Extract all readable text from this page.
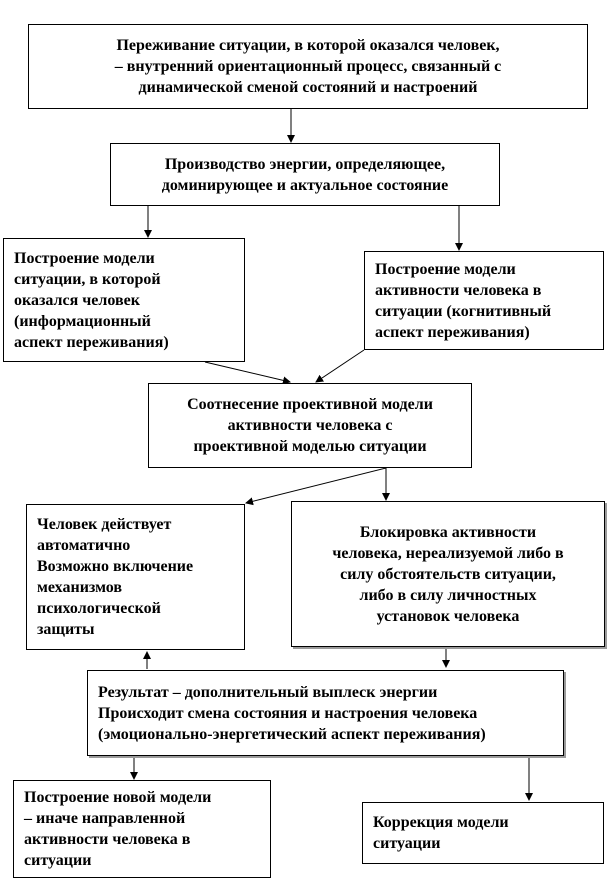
Переживание ситуации, в которой оказался человек,
– внутренний ориентационный процесс, связанный с
динамической сменой состояний и настроений
Производство энергии, определяющее,
доминирующее и актуальное состояние
Построение модели
ситуации, в которой
оказался человек
(информационный
аспект переживания)
Построение модели
активности человека в
ситуации (когнитивный
аспект переживания)
Соотнесение проективной модели
активности человека с
проективной моделью ситуации
Человек действует
автоматично
Возможно включение
механизмов
психологической
защиты
Блокировка активности
человека, нереализуемой либо в
силу обстоятельств ситуации,
либо в силу личностных
установок человека
Результат – дополнительный выплеск энергии
Происходит смена состояния и настроения человека
(эмоционально-энергетический аспект переживания)
Построение новой модели
– иначе направленной
активности человека в
ситуации
Коррекция модели
ситуации
